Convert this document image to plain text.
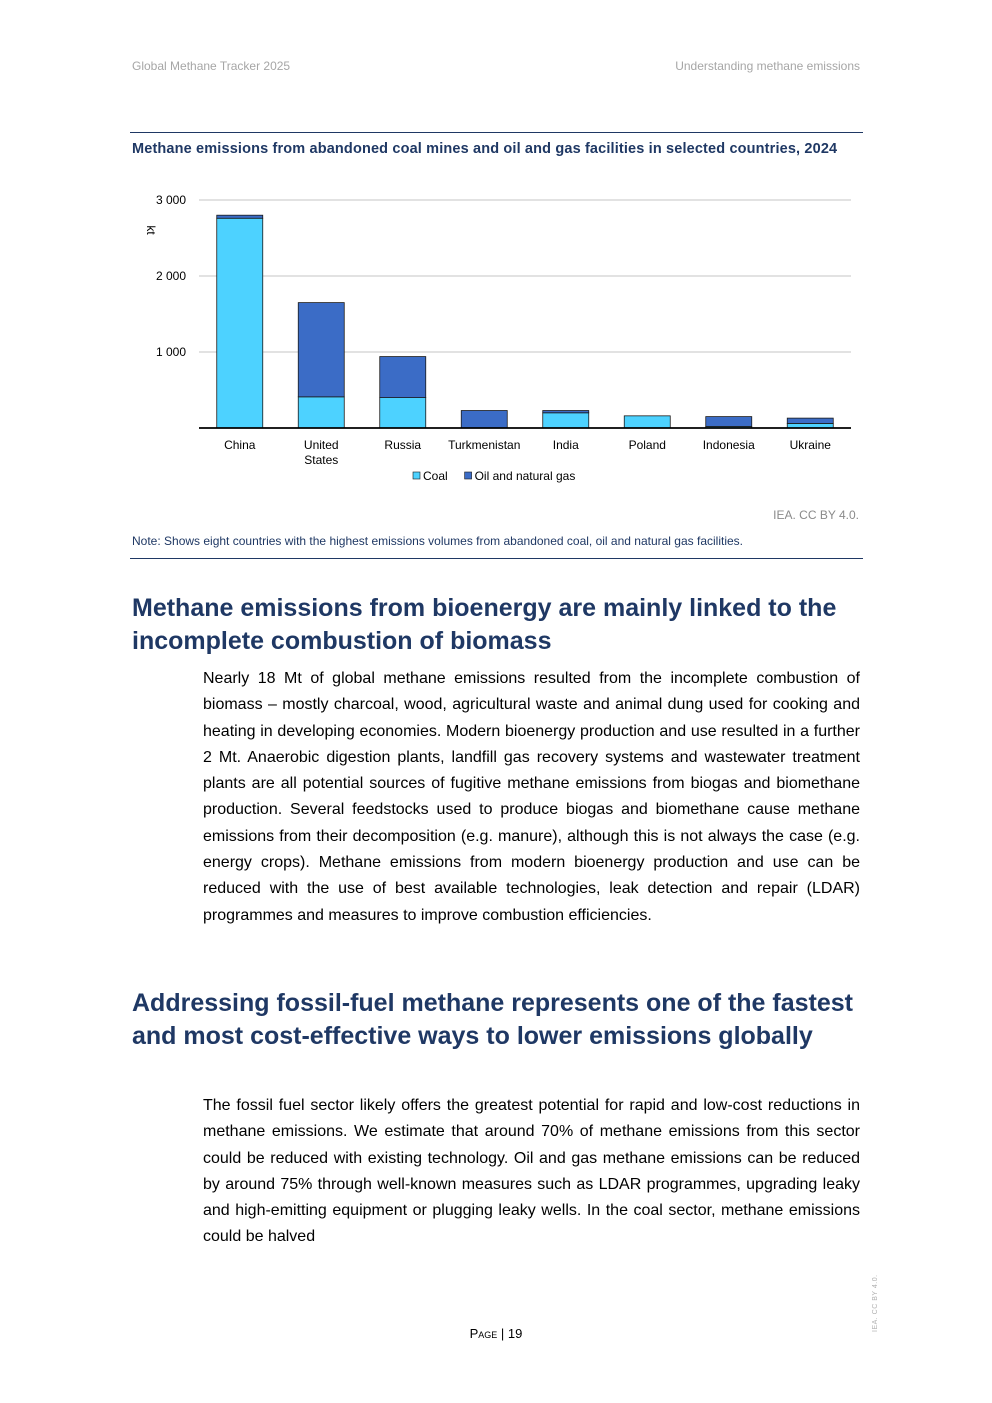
Global Methane Tracker 2025	Understanding methane emissions
Methane emissions from abandoned coal mines and oil and gas facilities in selected countries, 2024
1 000
2 000
3 000
kt
China	United States
Russia Turkmenistan	India	Poland	Indonesia	Ukraine
Coal Oil and natural gas
IEA. CC BY 4.0.
Note: Shows eight countries with the highest emissions volumes from abandoned coal, oil and natural gas facilities.
Methane emissions from bioenergy are mainly linked to the incomplete combustion of biomass

Nearly 18 Mt of global methane emissions resulted from the incomplete combustion of biomass – mostly charcoal, wood, agricultural waste and animal dung used for cooking and heating in developing economies. Modern bioenergy production and use resulted in a further 2 Mt. Anaerobic digestion plants, landfill gas recovery systems and wastewater treatment plants are all potential sources of fugitive methane emissions from biogas and biomethane production. Several feedstocks used to produce biogas and biomethane cause methane emissions from their decomposition (e.g. manure), although this is not always the case (e.g. energy crops). Methane emissions from modern bioenergy production and use can be reduced with the use of best available technologies, leak detection and repair (LDAR) programmes and measures to improve combustion efficiencies.

Addressing fossil-fuel methane represents one of the fastest and most cost-effective ways to lower emissions globally

The fossil fuel sector likely offers the greatest potential for rapid and low-cost reductions in methane emissions. We estimate that around 70% of methane emissions from this sector could be reduced with existing technology. Oil and gas methane emissions can be reduced by around 75% through well-known measures such as LDAR programmes, upgrading leaky and high-emitting equipment or plugging leaky wells. In the coal sector, methane emissions could be halved

Page | 19
IEA. CC BY 4.0.
